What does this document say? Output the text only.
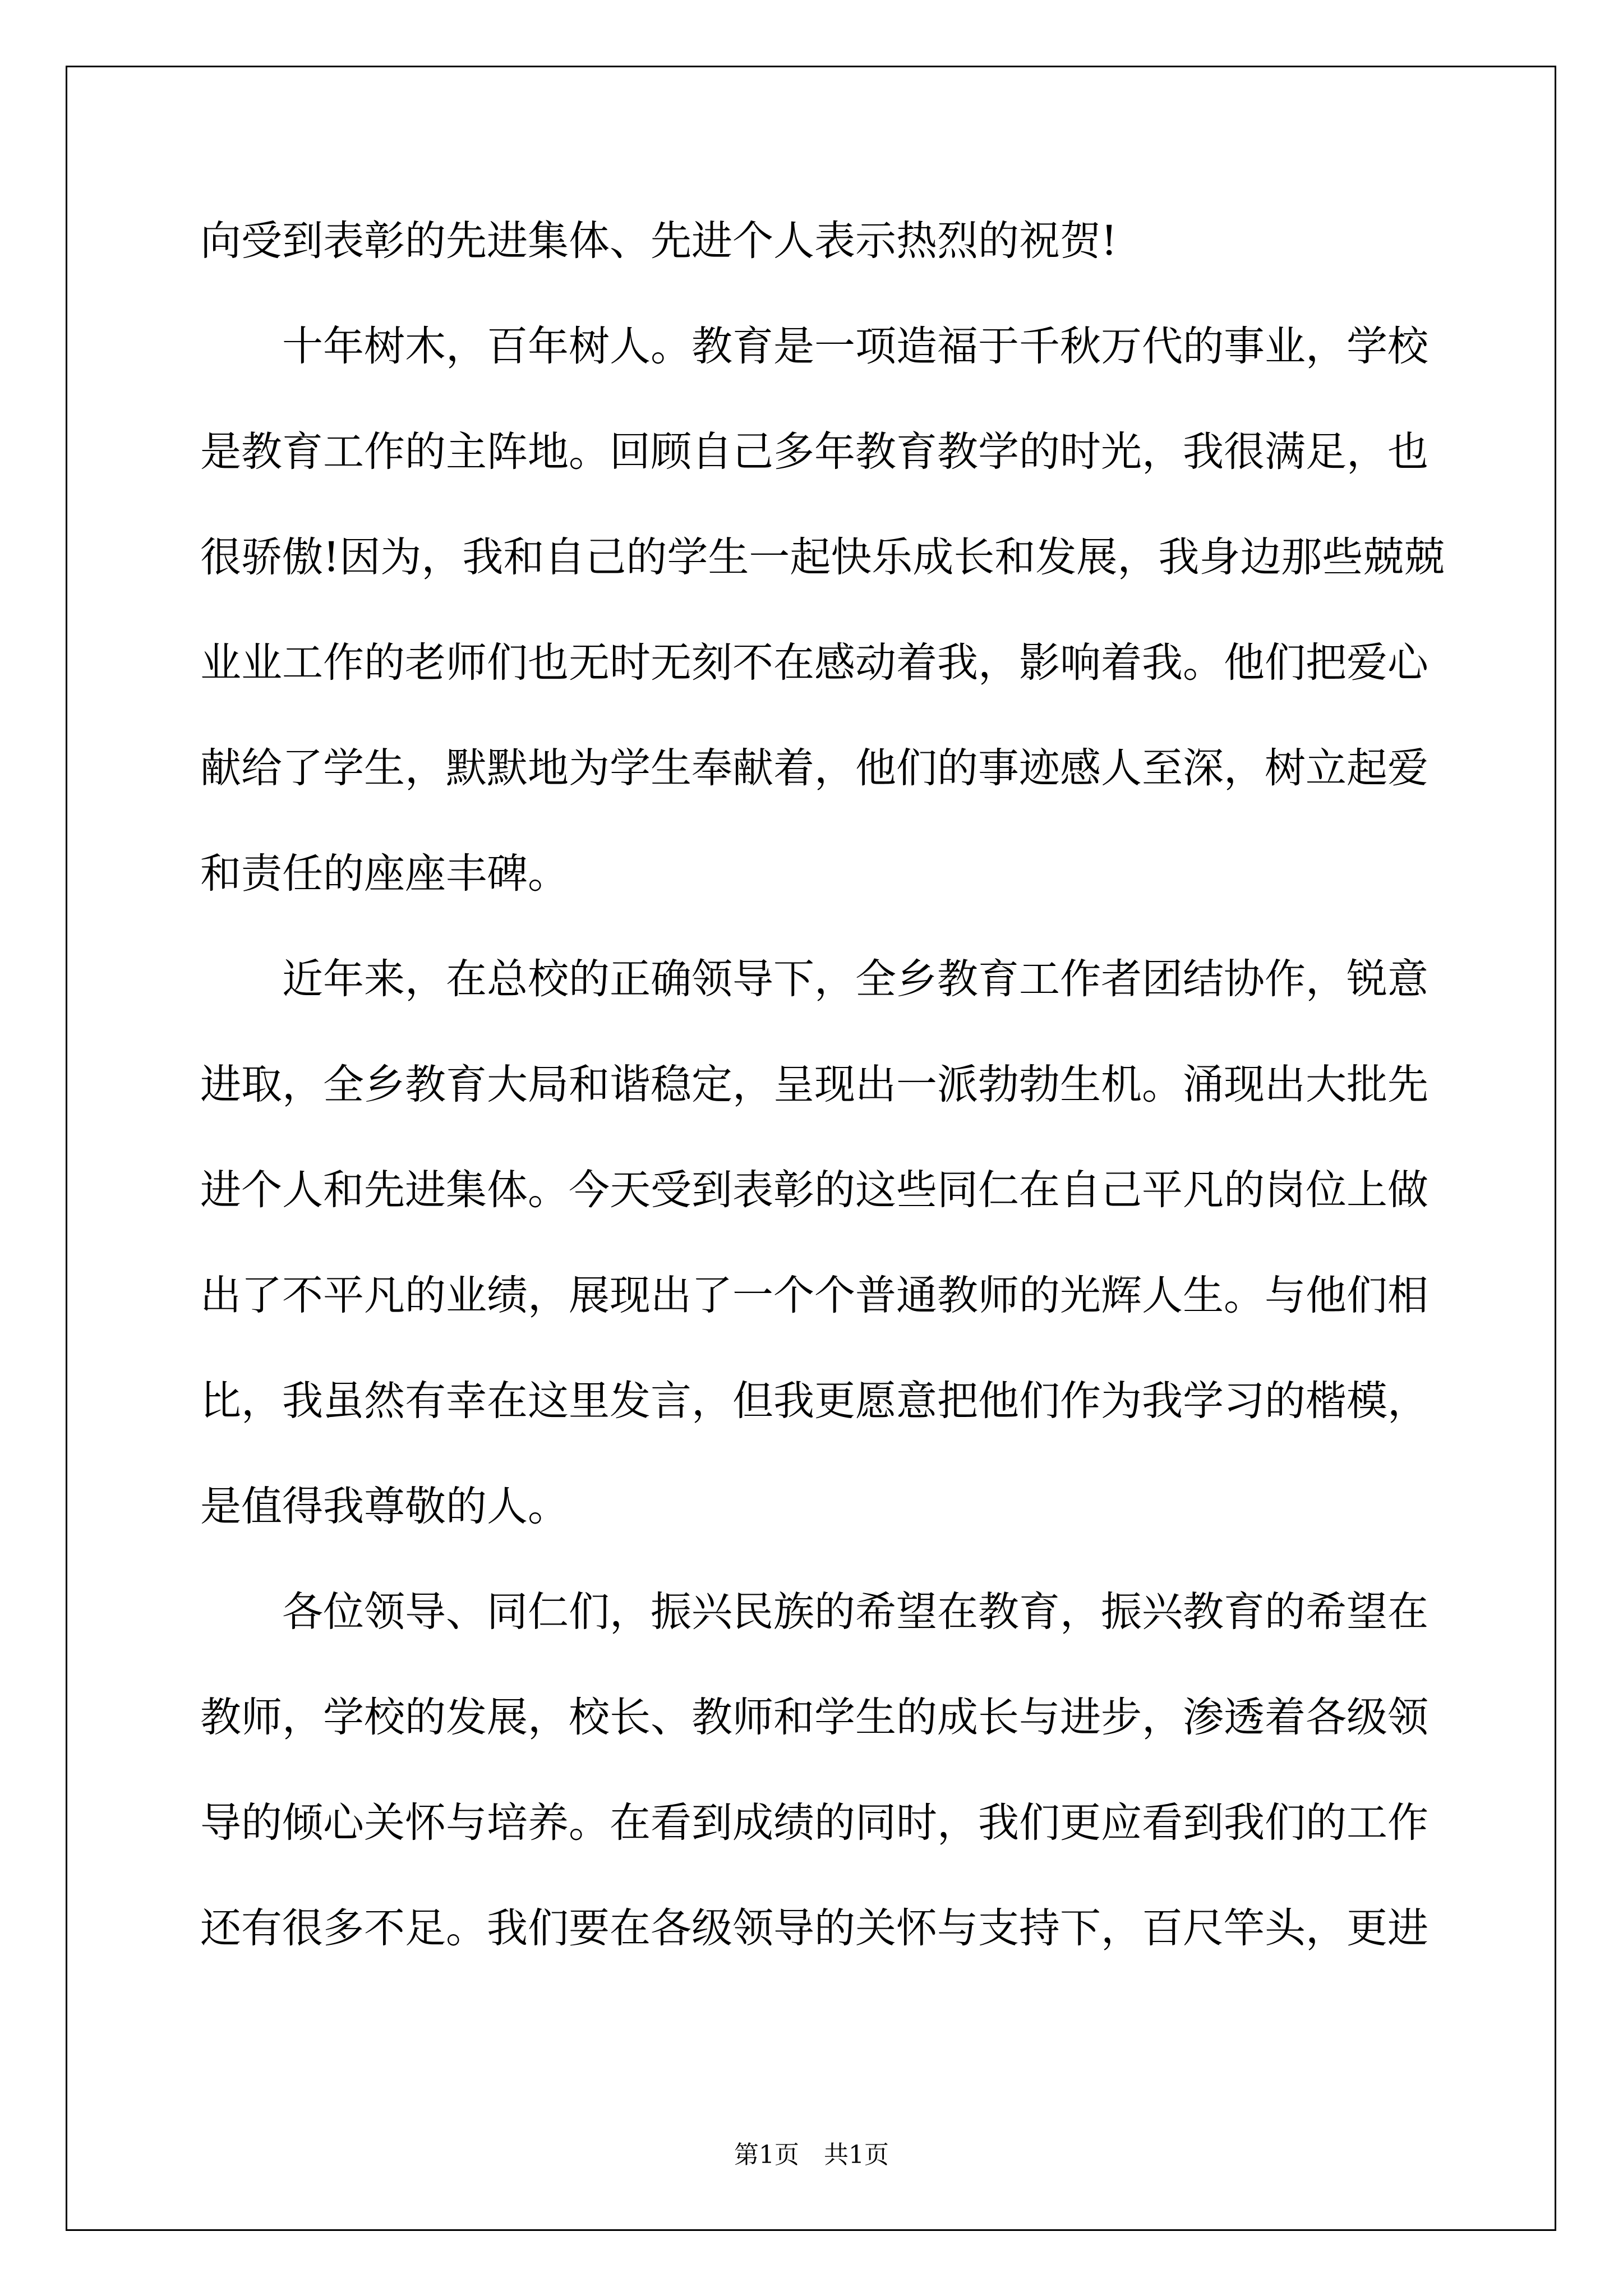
向受到表彰的先进集体、先进个人表示热烈的祝贺!
十年树木，百年树人。教育是一项造福于千秋万代的事业，学校
是教育工作的主阵地。回顾自己多年教育教学的时光，我很满足，也
很骄傲!因为，我和自己的学生一起快乐成长和发展，我身边那些兢兢
业业工作的老师们也无时无刻不在感动着我，影响着我。他们把爱心
献给了学生，默默地为学生奉献着，他们的事迹感人至深，树立起爱
和责任的座座丰碑。
近年来，在总校的正确领导下，全乡教育工作者团结协作，锐意
进取，全乡教育大局和谐稳定，呈现出一派勃勃生机。涌现出大批先
进个人和先进集体。今天受到表彰的这些同仁在自己平凡的岗位上做
出了不平凡的业绩，展现出了一个个普通教师的光辉人生。与他们相
比，我虽然有幸在这里发言，但我更愿意把他们作为我学习的楷模，
是值得我尊敬的人。
各位领导、同仁们，振兴民族的希望在教育，振兴教育的希望在
教师，学校的发展，校长、教师和学生的成长与进步，渗透着各级领
导的倾心关怀与培养。在看到成绩的同时，我们更应看到我们的工作
还有很多不足。我们要在各级领导的关怀与支持下，百尺竿头，更进
第1页　共1页
